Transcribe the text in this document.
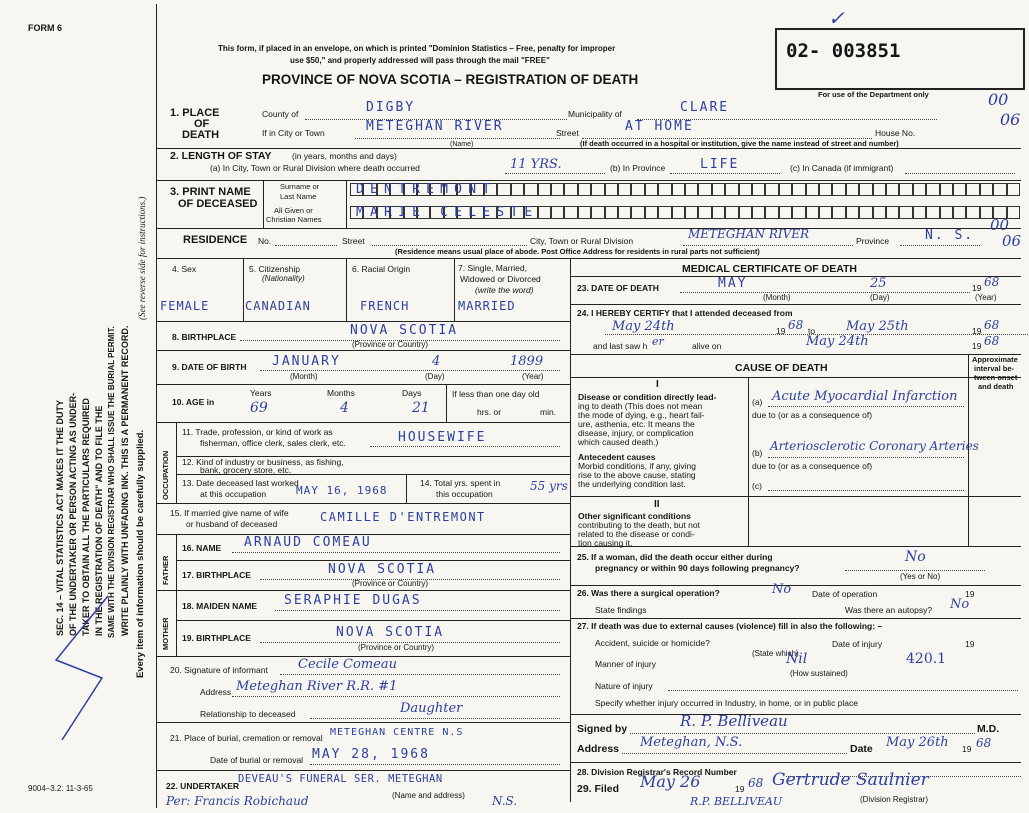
FORM 6
This form, if placed in an envelope, on which is printed "Dominion Statistics – Free, penalty for improper
use $50," and properly addressed will pass through the mail "FREE"
PROVINCE OF NOVA SCOTIA – REGISTRATION OF DEATH
02- 003851
✓
For use of the Department only
SEC. 14 – VITAL STATISTICS ACT MAKES IT THE DUTY OF THE UNDERTAKER OR PERSON ACTING AS UNDER- TAKER TO OBTAIN ALL THE PARTICULARS REQUIRED IN THE REGISTRATION OF DEATH" AND TO FILE THE SAME WITH THE DIVISION REGISTRAR WHO SHALL ISSUE THE BURIAL PERMIT. WRITE PLAINLY WITH UNFADING INK. THIS IS A PERMANENT RECORD. Every item of information should be carefully supplied.
(See reverse side for instructions.)
1. PLACE
OF
DEATH
County of	DIGBY	Municipality of	CLARE
If in City or Town	METEGHAN RIVER
(Name)
Street	AT HOME	House No.
(If death occurred in a hospital or institution, give the name instead of street and number)
00
06
2. LENGTH OF STAY (in years, months and days)
(a) In City, Town or Rural Division where death occurred	11 YRS.	(b) In Province	LIFE	(c) In Canada (if immigrant)
3. PRINT NAME
OF DECEASED
Surname or
Last Name
All Given or
Christian Names
DENTREMONT
MARIE CELESTE
RESIDENCE No.	Street	City, Town or Rural Division	METEGHAN RIVER	Province	N. S.
(Residence means usual place of abode. Post Office Address for residents in rural parts not sufficient)
00
06
4. Sex	5. Citizenship
(Nationality)
6. Racial Origin	7. Single, Married,
Widowed or Divorced
(write the word)
FEMALE	CANADIAN	FRENCH	MARRIED
8. BIRTHPLACE	NOVA SCOTIA
(Province or Country)
9. DATE OF BIRTH JANUARY	4	1899
(Month)	(Day)	(Year)
10. AGE in
Years	Months	Days
69	4	21
If less than one day old
hrs. or	min.
OCCUPATION
11. Trade, profession, or kind of work as
fisherman, office clerk, sales clerk, etc.	HOUSEWIFE
12. Kind of industry or business, as fishing,
bank, grocery store, etc.
13. Date deceased last worked
at this occupation	MAY 16, 1968
14. Total yrs. spent in
this occupation
55 yrs
15. If married give name of wife
or husband of deceased	CAMILLE D'ENTREMONT
FATHER
16. NAME ARNAUD COMEAU
17. BIRTHPLACE	NOVA SCOTIA
(Province or Country)
MOTHER
18. MAIDEN NAME SERAPHIE DUGAS
19. BIRTHPLACE	NOVA SCOTIA
(Province or Country)
20. Signature of informant Cecile Comeau
Address Meteghan River R.R. #1
Relationship to deceased	Daughter
21. Place of burial, cremation or removal METEGHAN CENTRE N.S
Date of burial or removal MAY 28, 1968
22. UNDERTAKER
DEVEAU'S FUNERAL SER. METEGHAN
(Name and address)
Per: Francis Robichaud	N.S.
9004–3.2: 11-3-65
MEDICAL CERTIFICATE OF DEATH
23. DATE OF DEATH	MAY	25	19 68
(Month)	(Day)	(Year)
24. I HEREBY CERTIFY that I attended deceased from
May 24th	19 68 to May 25th	19 68
and last saw h er	alive on	May 24th	19 68
CAUSE OF DEATH
Approximate
interval be-
tween onset
and death
I
Disease or condition directly lead-
ing to death (This does not mean
the mode of dying, e.g., heart fail-
ure, asthenia, etc. It means the
disease, injury, or complication
which caused death.)
(a) Acute Myocardial Infarction
due to (or as a consequence of)
Antecedent causes
Morbid conditions, if any, giving
rise to the above cause, stating
the underlying condition last.
(b) Arteriosclerotic Coronary Arteries
due to (or as a consequence of)
(c)
II
Other significant conditions
contributing to the death, but not
related to the disease or condi-
tion causing it.
25. If a woman, did the death occur either during
pregnancy or within 90 days following pregnancy?
No
(Yes or No)
26. Was there a surgical operation?	No Date of operation	19
State findings	Was there an autopsy? No
27. If death was due to external causes (violence) fill in also the following: –
Accident, suicide or homicide?	Date of injury	19
(State which)
Manner of injury	Nil	420.1
(How sustained)
Nature of injury
Specify whether injury occurred in Industry, in home, or in public place
Signed by	R. P. Belliveau	M.D.
Address Meteghan, N.S.	Date May 26th 19 68
28. Division Registrar's Record Number
29. Filed May 26	19 68 Gertrude Saulnier
(Division Registrar)
R.P. BELLIVEAU
